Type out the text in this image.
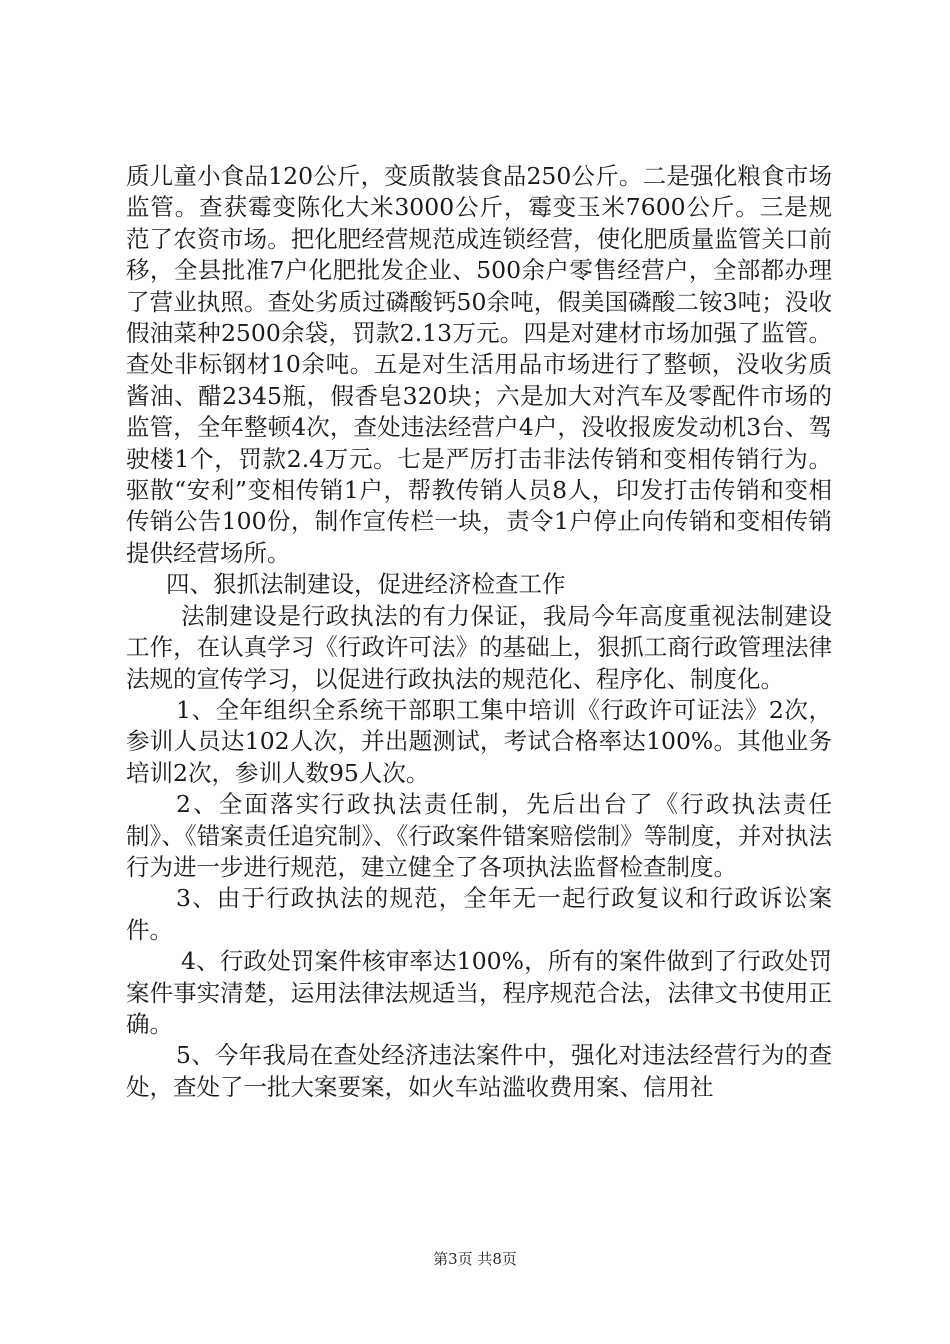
质儿童小食品120公斤，变质散装食品250公斤。二是强化粮食市场监管。查获霉变陈化大米3000公斤，霉变玉米7600公斤。三是规范了农资市场。把化肥经营规范成连锁经营，使化肥质量监管关口前移，全县批准7户化肥批发企业、500余户零售经营户，全部都办理了营业执照。查处劣质过磷酸钙50余吨，假美国磷酸二铵3吨；没收假油菜种2500余袋，罚款2.13万元。四是对建材市场加强了监管。查处非标钢材10余吨。五是对生活用品市场进行了整顿，没收劣质酱油、醋2345瓶，假香皂320块；六是加大对汽车及零配件市场的监管，全年整顿4次，查处违法经营户4户，没收报废发动机3台、驾驶楼1个，罚款2.4万元。七是严厉打击非法传销和变相传销行为。驱散“安利”变相传销1户，帮教传销人员8人，印发打击传销和变相传销公告100份，制作宣传栏一块，责令1户停止向传销和变相传销提供经营场所。

四、狠抓法制建设，促进经济检查工作

法制建设是行政执法的有力保证，我局今年高度重视法制建设工作，在认真学习《行政许可法》的基础上，狠抓工商行政管理法律法规的宣传学习，以促进行政执法的规范化、程序化、制度化。

1、全年组织全系统干部职工集中培训《行政许可证法》2次，参训人员达102人次，并出题测试，考试合格率达100%。其他业务培训2次，参训人数95人次。

2、全面落实行政执法责任制，先后出台了《行政执法责任制》、《错案责任追究制》、《行政案件错案赔偿制》等制度，并对执法行为进一步进行规范，建立健全了各项执法监督检查制度。

3、由于行政执法的规范，全年无一起行政复议和行政诉讼案件。

4、行政处罚案件核审率达100%，所有的案件做到了行政处罚案件事实清楚，运用法律法规适当，程序规范合法，法律文书使用正确。

5、今年我局在查处经济违法案件中，强化对违法经营行为的查处，查处了一批大案要案，如火车站滥收费用案、信用社

第3页 共8页
